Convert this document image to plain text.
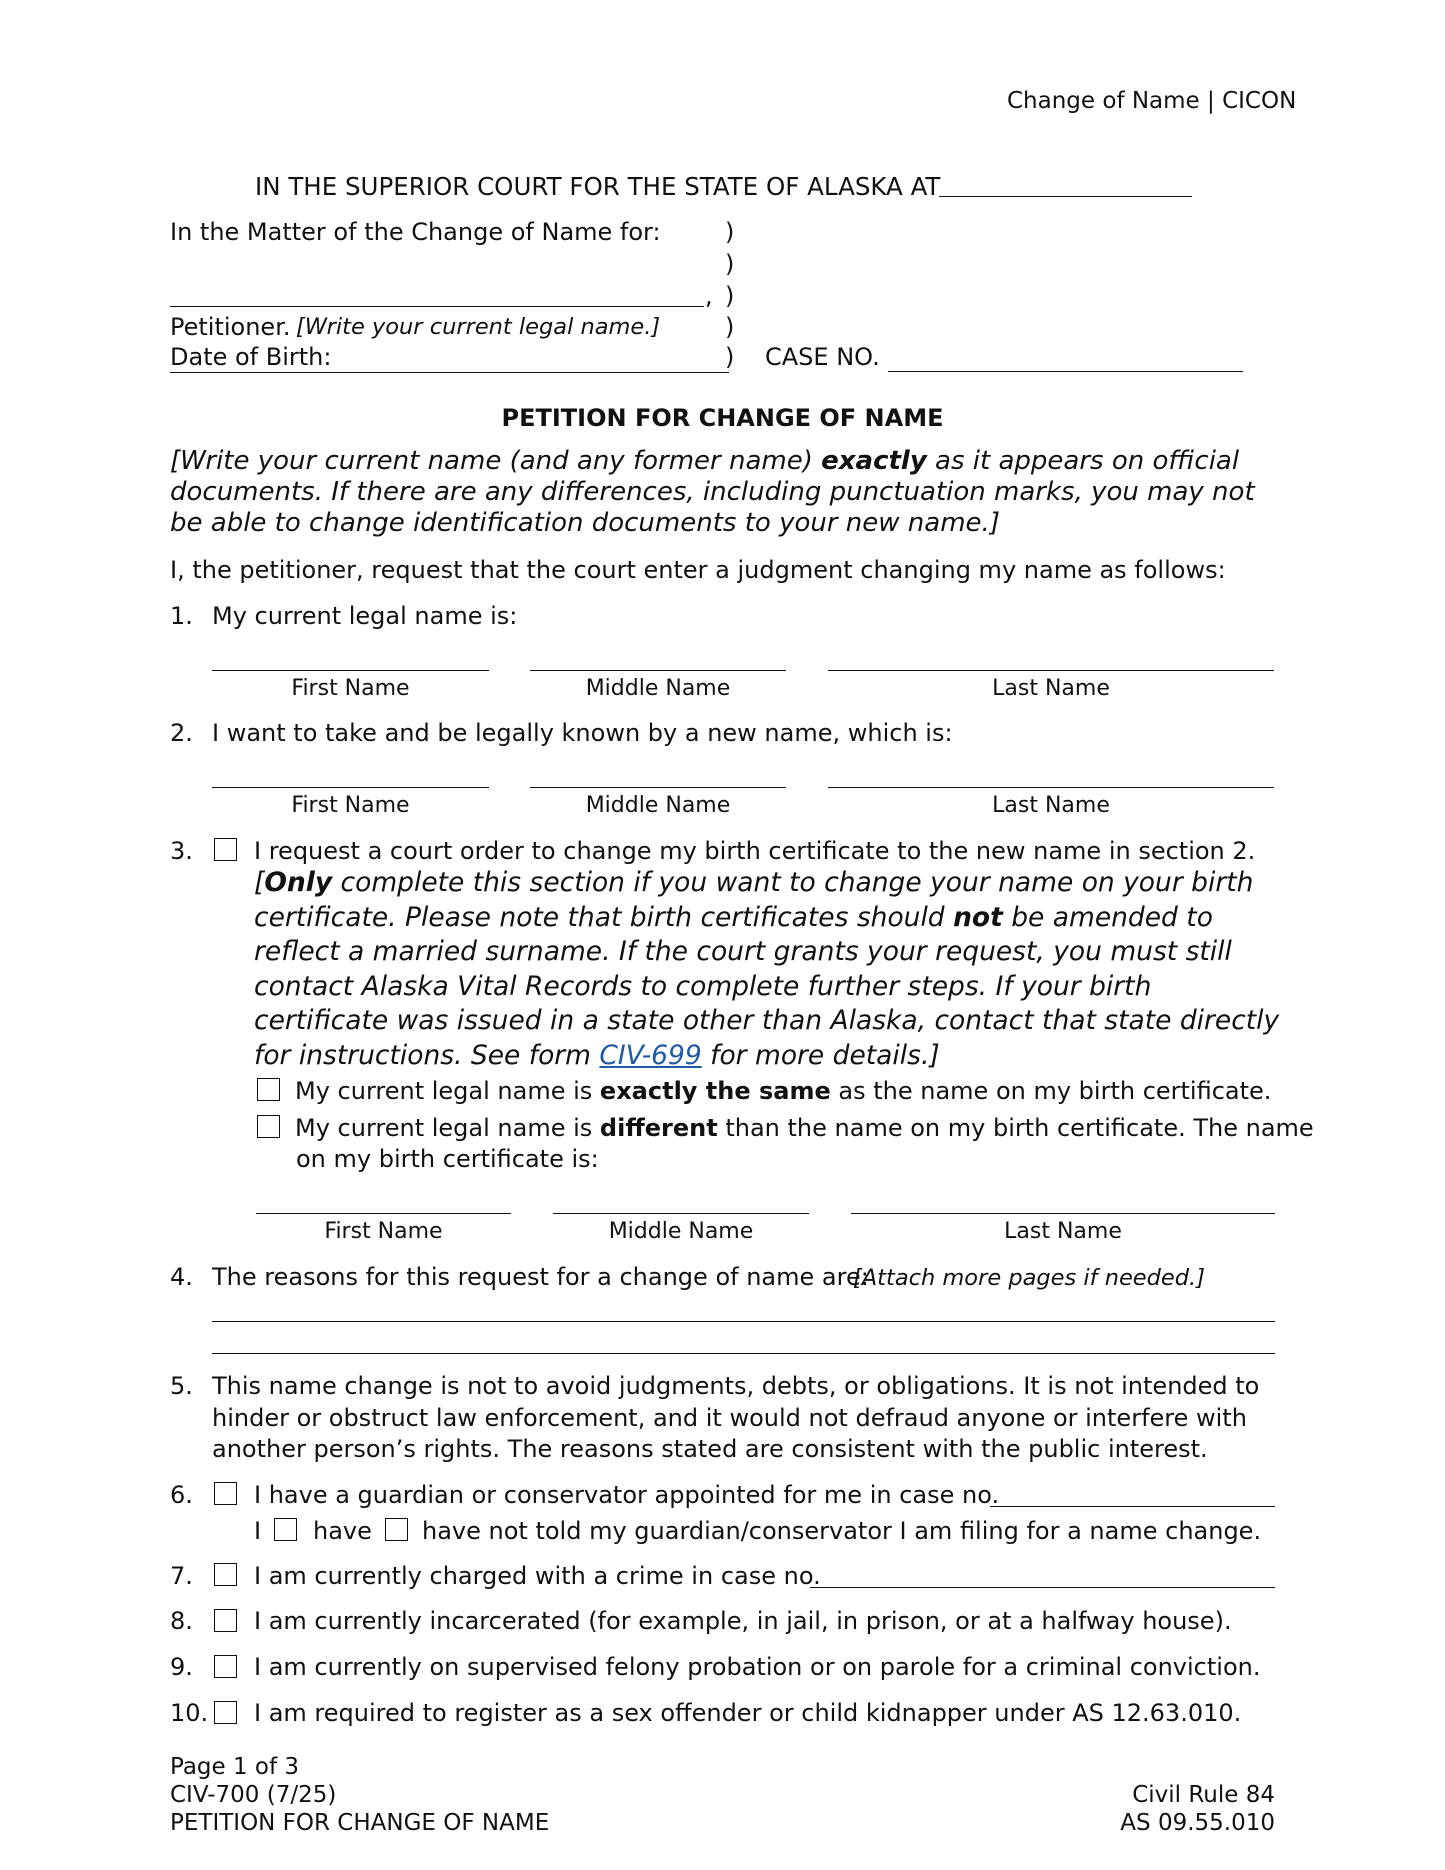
Change of Name | CICON
IN THE SUPERIOR COURT FOR THE STATE OF ALASKA AT
In the Matter of the Change of Name for:	)
)
, )
Petitioner. [Write your current legal name.]	)
Date of Birth:	) CASE NO.
PETITION FOR CHANGE OF NAME
[Write your current name (and any former name) exactly as it appears on official documents. If there are any differences, including punctuation marks, you may not be able to change identification documents to your new name.]
I, the petitioner, request that the court enter a judgment changing my name as follows:
1. My current legal name is:
First Name	Middle Name	Last Name
2. I want to take and be legally known by a new name, which is:
First Name	Middle Name	Last Name
3.	I request a court order to change my birth certificate to the new name in section 2.
[Only complete this section if you want to change your name on your birth certificate. Please note that birth certificates should not be amended to reflect a married surname. If the court grants your request, you must still contact Alaska Vital Records to complete further steps. If your birth certificate was issued in a state other than Alaska, contact that state directly for instructions. See form CIV-699 for more details.]
My current legal name is exactly the same as the name on my birth certificate.
My current legal name is different than the name on my birth certificate. The name
on my birth certificate is:
First Name	Middle Name	Last Name
4. The reasons for this request for a change of name are:
[Attach more pages if needed.]
5. This name change is not to avoid judgments, debts, or obligations. It is not intended to
hinder or obstruct law enforcement, and it would not defraud anyone or interfere with
another person’s rights. The reasons stated are consistent with the public interest.
6.	I have a guardian or conservator appointed for me in case no.
I have have not told my guardian/conservator I am filing for a name change.
7.	I am currently charged with a crime in case no.
8.	I am currently incarcerated (for example, in jail, in prison, or at a halfway house).
9.	I am currently on supervised felony probation or on parole for a criminal conviction.
10. I am required to register as a sex offender or child kidnapper under AS 12.63.010.
Page 1 of 3
CIV-700 (7/25)
PETITION FOR CHANGE OF NAME
Civil Rule 84
AS 09.55.010
